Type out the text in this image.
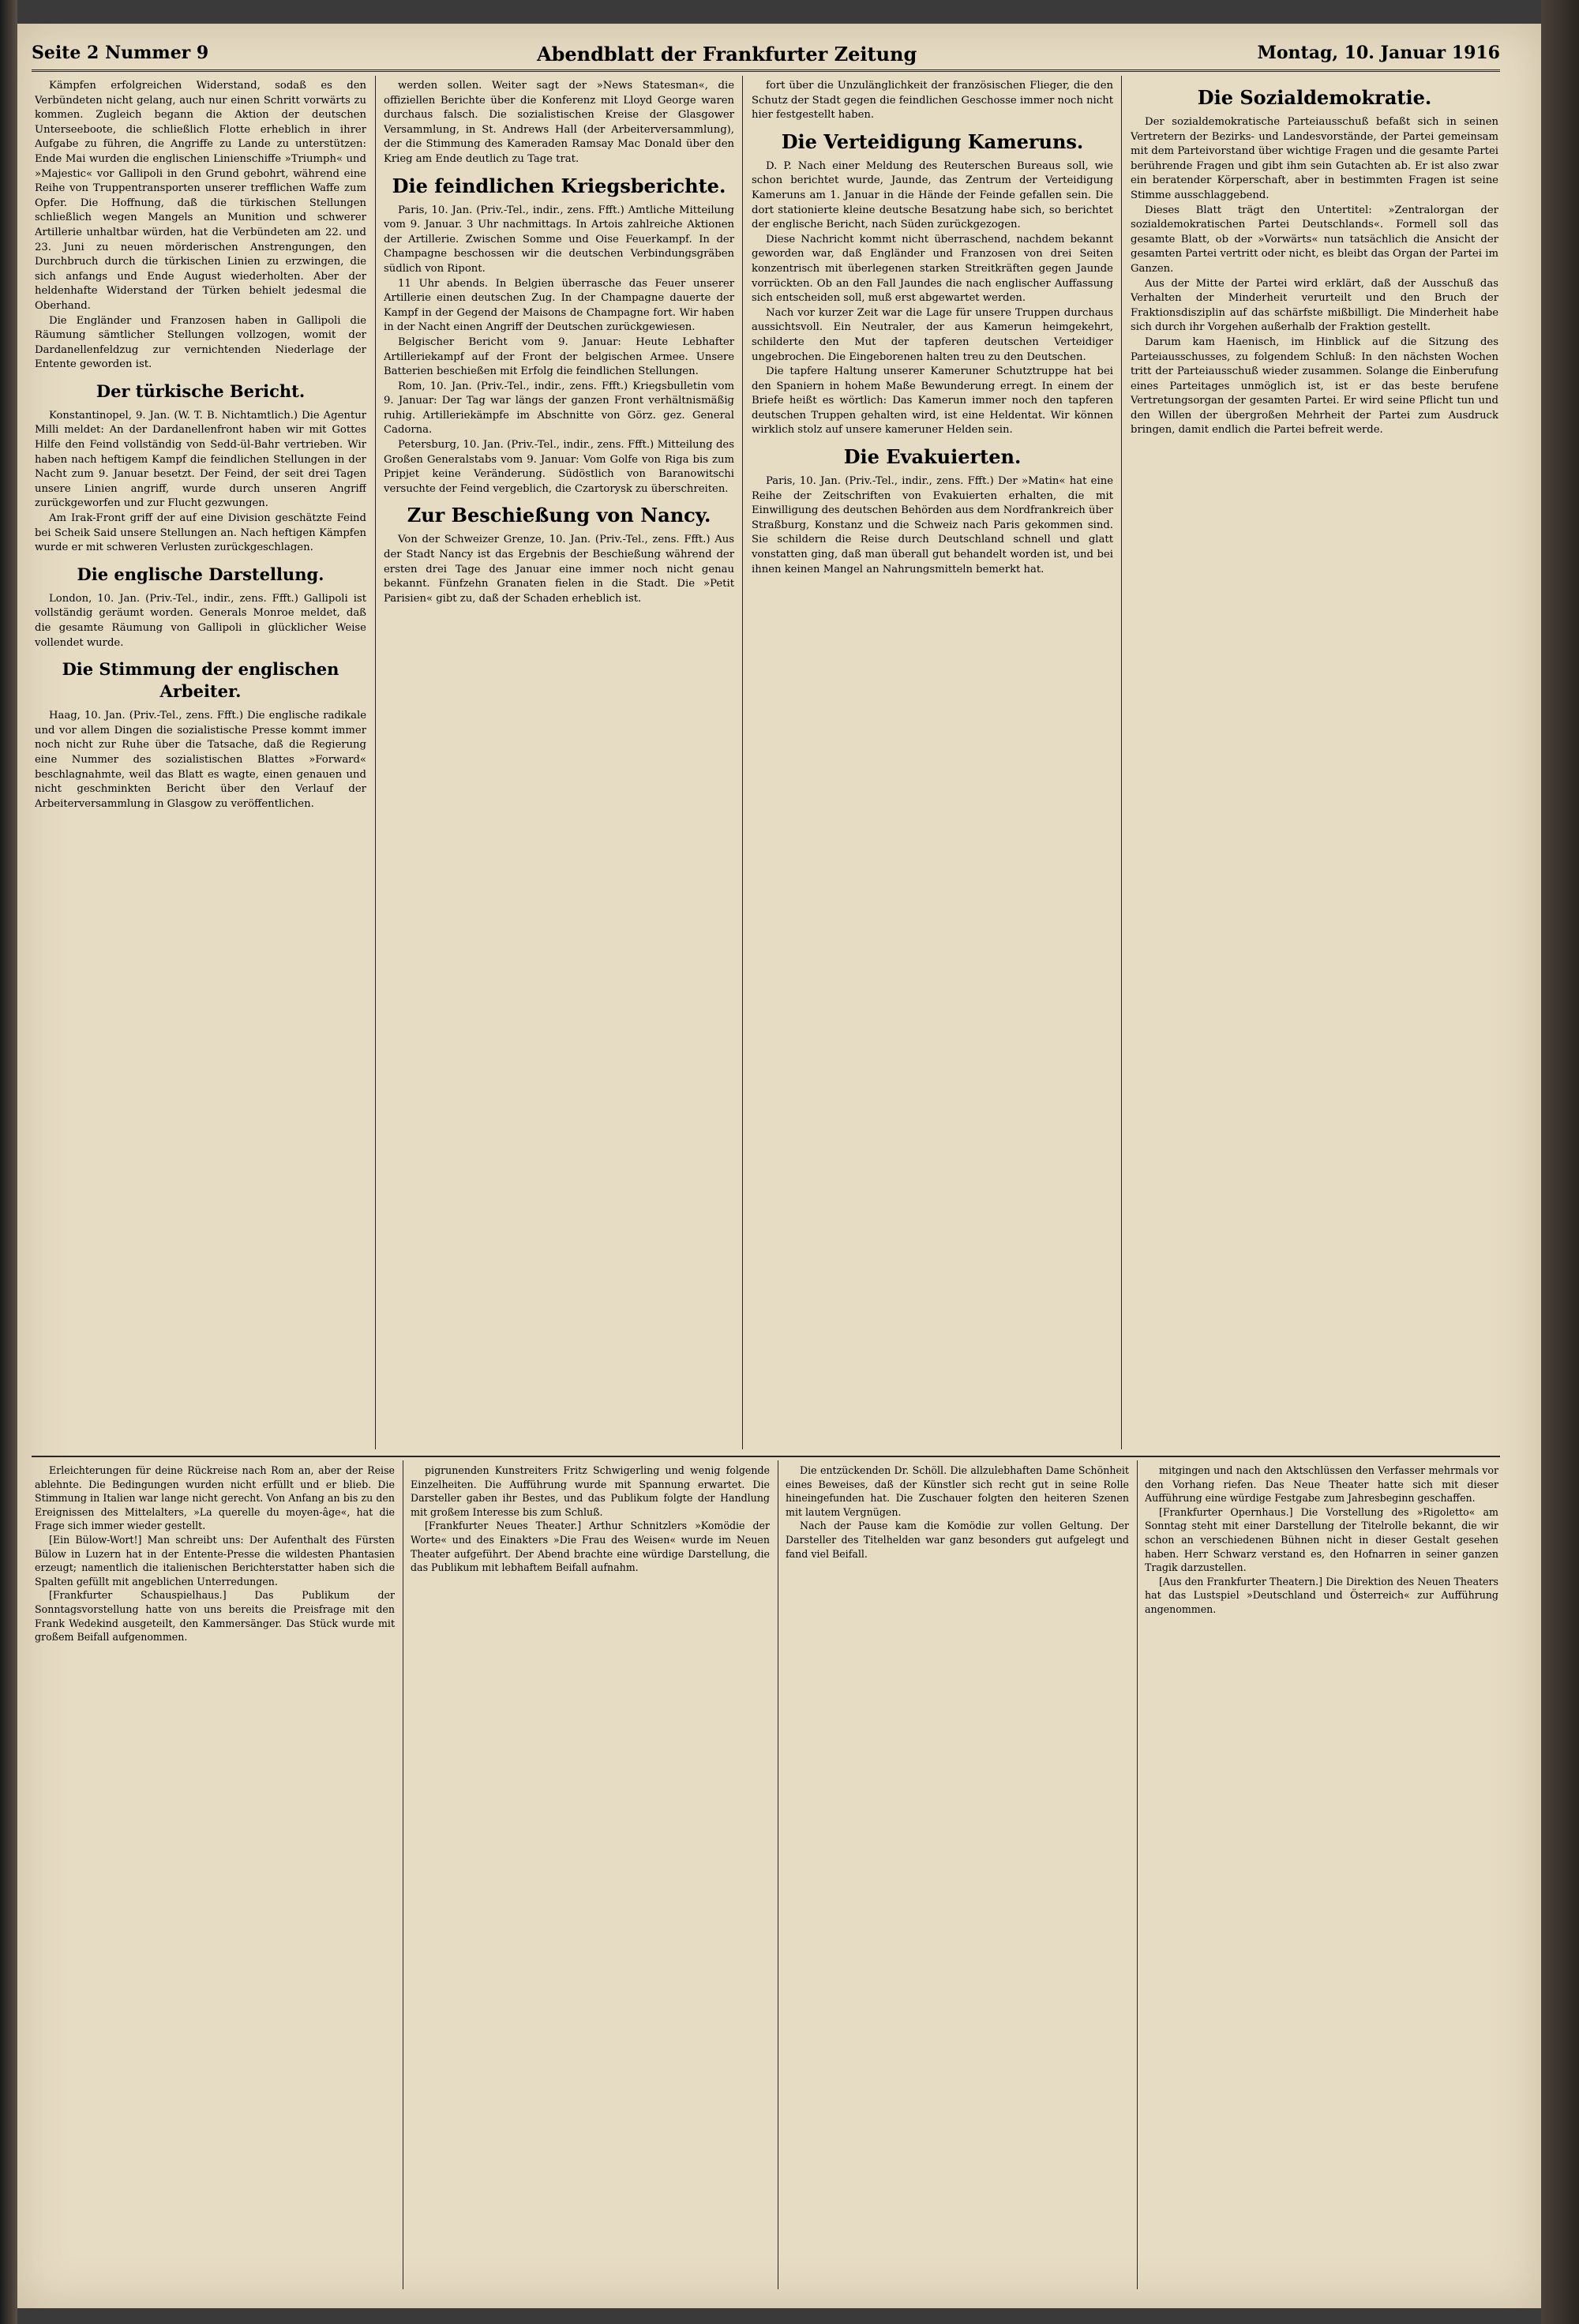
Seite 2 Nummer 9	Abendblatt der Frankfurter Zeitung	Montag, 10. Januar 1916

Kämpfen erfolgreichen Widerstand, sodaß es den Verbündeten nicht gelang, auch nur einen Schritt vorwärts zu kommen. Zugleich begann die Aktion der deutschen Unterseeboote, die schließlich Flotte erheblich in ihrer Aufgabe zu führen, die Angriffe zu Lande zu unterstützen: Ende Mai wurden die englischen Linienschiffe »Triumph« und »Majestic« vor Gallipoli in den Grund gebohrt, während eine Reihe von Truppentransporten unserer trefflichen Waffe zum Opfer. Die Hoffnung, daß die türkischen Stellungen schließlich wegen Mangels an Munition und schwerer Artillerie unhaltbar würden, hat die Verbündeten am 22. und 23. Juni zu neuen mörderischen Anstrengungen, den Durchbruch durch die türkischen Linien zu erzwingen, die sich anfangs und Ende August wiederholten. Aber der heldenhafte Widerstand der Türken behielt jedesmal die Oberhand.

Die Engländer und Franzosen haben in Gallipoli die Räumung sämtlicher Stellungen vollzogen, womit der Dardanellenfeldzug zur vernichtenden Niederlage der Entente geworden ist.

Der türkische Bericht.

Konstantinopel, 9. Jan. (W. T. B. Nichtamtlich.) Die Agentur Milli meldet: An der Dardanellenfront haben wir mit Gottes Hilfe den Feind vollständig von Sedd-ül-Bahr vertrieben. Wir haben nach heftigem Kampf die feindlichen Stellungen in der Nacht zum 9. Januar besetzt. Der Feind, der seit drei Tagen unsere Linien angriff, wurde durch unseren Angriff zurückgeworfen und zur Flucht gezwungen.

Am Irak-Front griff der auf eine Division geschätzte Feind bei Scheik Said unsere Stellungen an. Nach heftigen Kämpfen wurde er mit schweren Verlusten zurückgeschlagen.

Die englische Darstellung.

London, 10. Jan. (Priv.-Tel., indir., zens. Ffft.) Gallipoli ist vollständig geräumt worden. Generals Monroe meldet, daß die gesamte Räumung von Gallipoli in glücklicher Weise vollendet wurde.

Die Stimmung der englischen Arbeiter.

Haag, 10. Jan. (Priv.-Tel., zens. Ffft.) Die englische radikale und vor allem Dingen die sozialistische Presse kommt immer noch nicht zur Ruhe über die Tatsache, daß die Regierung eine Nummer des sozialistischen Blattes »Forward« beschlagnahmte, weil das Blatt es wagte, einen genauen und nicht geschminkten Bericht über den Verlauf der Arbeiterversammlung in Glasgow zu veröffentlichen.

werden sollen. Weiter sagt der »News Statesman«, die offiziellen Berichte über die Konferenz mit Lloyd George waren durchaus falsch. Die sozialistischen Kreise der Glasgower Versammlung, in St. Andrews Hall (der Arbeiterversammlung), der die Stimmung des Kameraden Ramsay Mac Donald über den Krieg am Ende deutlich zu Tage trat.

Die feindlichen Kriegsberichte.

Paris, 10. Jan. (Priv.-Tel., indir., zens. Ffft.) Amtliche Mitteilung vom 9. Januar. 3 Uhr nachmittags. In Artois zahlreiche Aktionen der Artillerie. Zwischen Somme und Oise Feuerkampf. In der Champagne beschossen wir die deutschen Verbindungsgräben südlich von Ripont.

11 Uhr abends. In Belgien überrasche das Feuer unserer Artillerie einen deutschen Zug. In der Champagne dauerte der Kampf in der Gegend der Maisons de Champagne fort. Wir haben in der Nacht einen Angriff der Deutschen zurückgewiesen.

Belgischer Bericht vom 9. Januar: Heute Lebhafter Artilleriekampf auf der Front der belgischen Armee. Unsere Batterien beschießen mit Erfolg die feindlichen Stellungen.

Rom, 10. Jan. (Priv.-Tel., indir., zens. Ffft.) Kriegsbulletin vom 9. Januar: Der Tag war längs der ganzen Front verhältnismäßig ruhig. Artilleriekämpfe im Abschnitte von Görz. gez. General Cadorna.

Petersburg, 10. Jan. (Priv.-Tel., indir., zens. Ffft.) Mitteilung des Großen Generalstabs vom 9. Januar: Vom Golfe von Riga bis zum Pripjet keine Veränderung. Südöstlich von Baranowitschi versuchte der Feind vergeblich, die Czartorysk zu überschreiten.

Zur Beschießung von Nancy.

Von der Schweizer Grenze, 10. Jan. (Priv.-Tel., zens. Ffft.) Aus der Stadt Nancy ist das Ergebnis der Beschießung während der ersten drei Tage des Januar eine immer noch nicht genau bekannt. Fünfzehn Granaten fielen in die Stadt. Die »Petit Parisien« gibt zu, daß der Schaden erheblich ist.

fort über die Unzulänglichkeit der französischen Flieger, die den Schutz der Stadt gegen die feindlichen Geschosse immer noch nicht hier festgestellt haben.

Die Verteidigung Kameruns.

D. P. Nach einer Meldung des Reuterschen Bureaus soll, wie schon berichtet wurde, Jaunde, das Zentrum der Verteidigung Kameruns am 1. Januar in die Hände der Feinde gefallen sein. Die dort stationierte kleine deutsche Besatzung habe sich, so berichtet der englische Bericht, nach Süden zurückgezogen.

Diese Nachricht kommt nicht überraschend, nachdem bekannt geworden war, daß Engländer und Franzosen von drei Seiten konzentrisch mit überlegenen starken Streitkräften gegen Jaunde vorrückten. Ob an den Fall Jaundes die nach englischer Auffassung sich entscheiden soll, muß erst abgewartet werden.

Nach vor kurzer Zeit war die Lage für unsere Truppen durchaus aussichtsvoll. Ein Neutraler, der aus Kamerun heimgekehrt, schilderte den Mut der tapferen deutschen Verteidiger ungebrochen. Die Eingeborenen halten treu zu den Deutschen.

Die tapfere Haltung unserer Kameruner Schutztruppe hat bei den Spaniern in hohem Maße Bewunderung erregt. In einem der Briefe heißt es wörtlich: Das Kamerun immer noch den tapferen deutschen Truppen gehalten wird, ist eine Heldentat. Wir können wirklich stolz auf unsere kameruner Helden sein.

Die Evakuierten.

Paris, 10. Jan. (Priv.-Tel., indir., zens. Ffft.) Der »Matin« hat eine Reihe der Zeitschriften von Evakuierten erhalten, die mit Einwilligung des deutschen Behörden aus dem Nordfrankreich über Straßburg, Konstanz und die Schweiz nach Paris gekommen sind. Sie schildern die Reise durch Deutschland schnell und glatt vonstatten ging, daß man überall gut behandelt worden ist, und bei ihnen keinen Mangel an Nahrungsmitteln bemerkt hat.

Die Sozialdemokratie.

Der sozialdemokratische Parteiausschuß befaßt sich in seinen Vertretern der Bezirks- und Landesvorstände, der Partei gemeinsam mit dem Parteivorstand über wichtige Fragen und die gesamte Partei berührende Fragen und gibt ihm sein Gutachten ab. Er ist also zwar ein beratender Körperschaft, aber in bestimmten Fragen ist seine Stimme ausschlaggebend.

Dieses Blatt trägt den Untertitel: »Zentralorgan der sozialdemokratischen Partei Deutschlands«. Formell soll das gesamte Blatt, ob der »Vorwärts« nun tatsächlich die Ansicht der gesamten Partei vertritt oder nicht, es bleibt das Organ der Partei im Ganzen.

Aus der Mitte der Partei wird erklärt, daß der Ausschuß das Verhalten der Minderheit verurteilt und den Bruch der Fraktionsdisziplin auf das schärfste mißbilligt. Die Minderheit habe sich durch ihr Vorgehen außerhalb der Fraktion gestellt.

Darum kam Haenisch, im Hinblick auf die Sitzung des Parteiausschusses, zu folgendem Schluß: In den nächsten Wochen tritt der Parteiausschuß wieder zusammen. Solange die Einberufung eines Parteitages unmöglich ist, ist er das beste berufene Vertretungsorgan der gesamten Partei. Er wird seine Pflicht tun und den Willen der übergroßen Mehrheit der Partei zum Ausdruck bringen, damit endlich die Partei befreit werde.

Erleichterungen für deine Rückreise nach Rom an, aber der Reise ablehnte. Die Bedingungen wurden nicht erfüllt und er blieb. Die Stimmung in Italien war lange nicht gerecht. Von Anfang an bis zu den Ereignissen des Mittelalters, »La querelle du moyen-âge«, hat die Frage sich immer wieder gestellt.

[Ein Bülow-Wort!] Man schreibt uns: Der Aufenthalt des Fürsten Bülow in Luzern hat in der Entente-Presse die wildesten Phantasien erzeugt; namentlich die italienischen Berichterstatter haben sich die Spalten gefüllt mit angeblichen Unterredungen.

[Frankfurter Schauspielhaus.] Das Publikum der Sonntagsvorstellung hatte von uns bereits die Preisfrage mit den Frank Wedekind ausgeteilt, den Kammersänger. Das Stück wurde mit großem Beifall aufgenommen.

pigrunenden Kunstreiters Fritz Schwigerling und wenig folgende Einzelheiten. Die Aufführung wurde mit Spannung erwartet. Die Darsteller gaben ihr Bestes, und das Publikum folgte der Handlung mit großem Interesse bis zum Schluß.

[Frankfurter Neues Theater.] Arthur Schnitzlers »Komödie der Worte« und des Einakters »Die Frau des Weisen« wurde im Neuen Theater aufgeführt. Der Abend brachte eine würdige Darstellung, die das Publikum mit lebhaftem Beifall aufnahm.

Die entzückenden Dr. Schöll. Die allzulebhaften Dame Schönheit eines Beweises, daß der Künstler sich recht gut in seine Rolle hineingefunden hat. Die Zuschauer folgten den heiteren Szenen mit lautem Vergnügen.

Nach der Pause kam die Komödie zur vollen Geltung. Der Darsteller des Titelhelden war ganz besonders gut aufgelegt und fand viel Beifall.

mitgingen und nach den Aktschlüssen den Verfasser mehrmals vor den Vorhang riefen. Das Neue Theater hatte sich mit dieser Aufführung eine würdige Festgabe zum Jahresbeginn geschaffen.

[Frankfurter Opernhaus.] Die Vorstellung des »Rigoletto« am Sonntag steht mit einer Darstellung der Titelrolle bekannt, die wir schon an verschiedenen Bühnen nicht in dieser Gestalt gesehen haben. Herr Schwarz verstand es, den Hofnarren in seiner ganzen Tragik darzustellen.

[Aus den Frankfurter Theatern.] Die Direktion des Neuen Theaters hat das Lustspiel »Deutschland und Österreich« zur Aufführung angenommen.
